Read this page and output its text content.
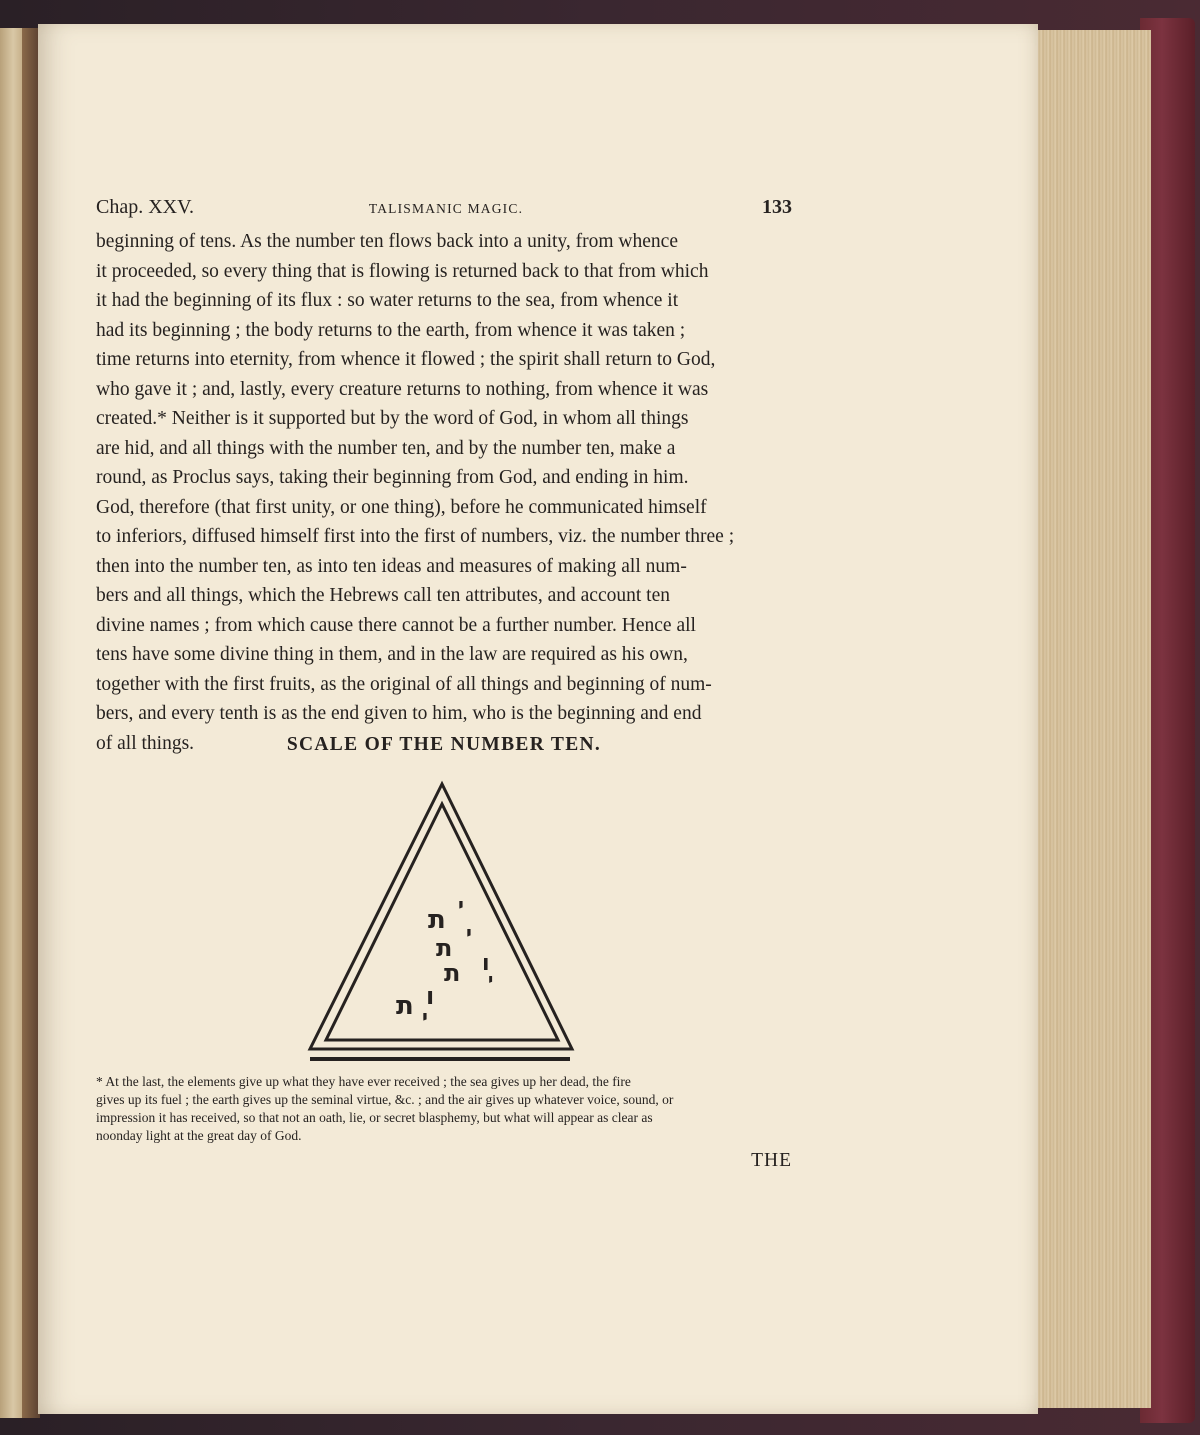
Chap. XXV.	TALISMANIC MAGIC.	133

beginning of tens. As the number ten flows back into a unity, from whence
it proceeded, so every thing that is flowing is returned back to that from which
it had the beginning of its flux : so water returns to the sea, from whence it
had its beginning ; the body returns to the earth, from whence it was taken ;
time returns into eternity, from whence it flowed ; the spirit shall return to God,
who gave it ; and, lastly, every creature returns to nothing, from whence it was
created.* Neither is it supported but by the word of God, in whom all things
are hid, and all things with the number ten, and by the number ten, make a
round, as Proclus says, taking their beginning from God, and ending in him.
God, therefore (that first unity, or one thing), before he communicated himself
to inferiors, diffused himself first into the first of numbers, viz. the number three ;
then into the number ten, as into ten ideas and measures of making all num-
bers and all things, which the Hebrews call ten attributes, and account ten
divine names ; from which cause there cannot be a further number. Hence all
tens have some divine thing in them, and in the law are required as his own,
together with the first fruits, as the original of all things and beginning of num-
bers, and every tenth is as the end given to him, who is the beginning and end
of all things.	SCALE OF THE NUMBER TEN.
ת י
ת
י
ת ו
י
ת ו
י

* At the last, the elements give up what they have ever received ; the sea gives up her dead, the fire
gives up its fuel ; the earth gives up the seminal virtue, &c. ; and the air gives up whatever voice, sound, or
impression it has received, so that not an oath, lie, or secret blasphemy, but what will appear as clear as
noonday light at the great day of God.

THE
